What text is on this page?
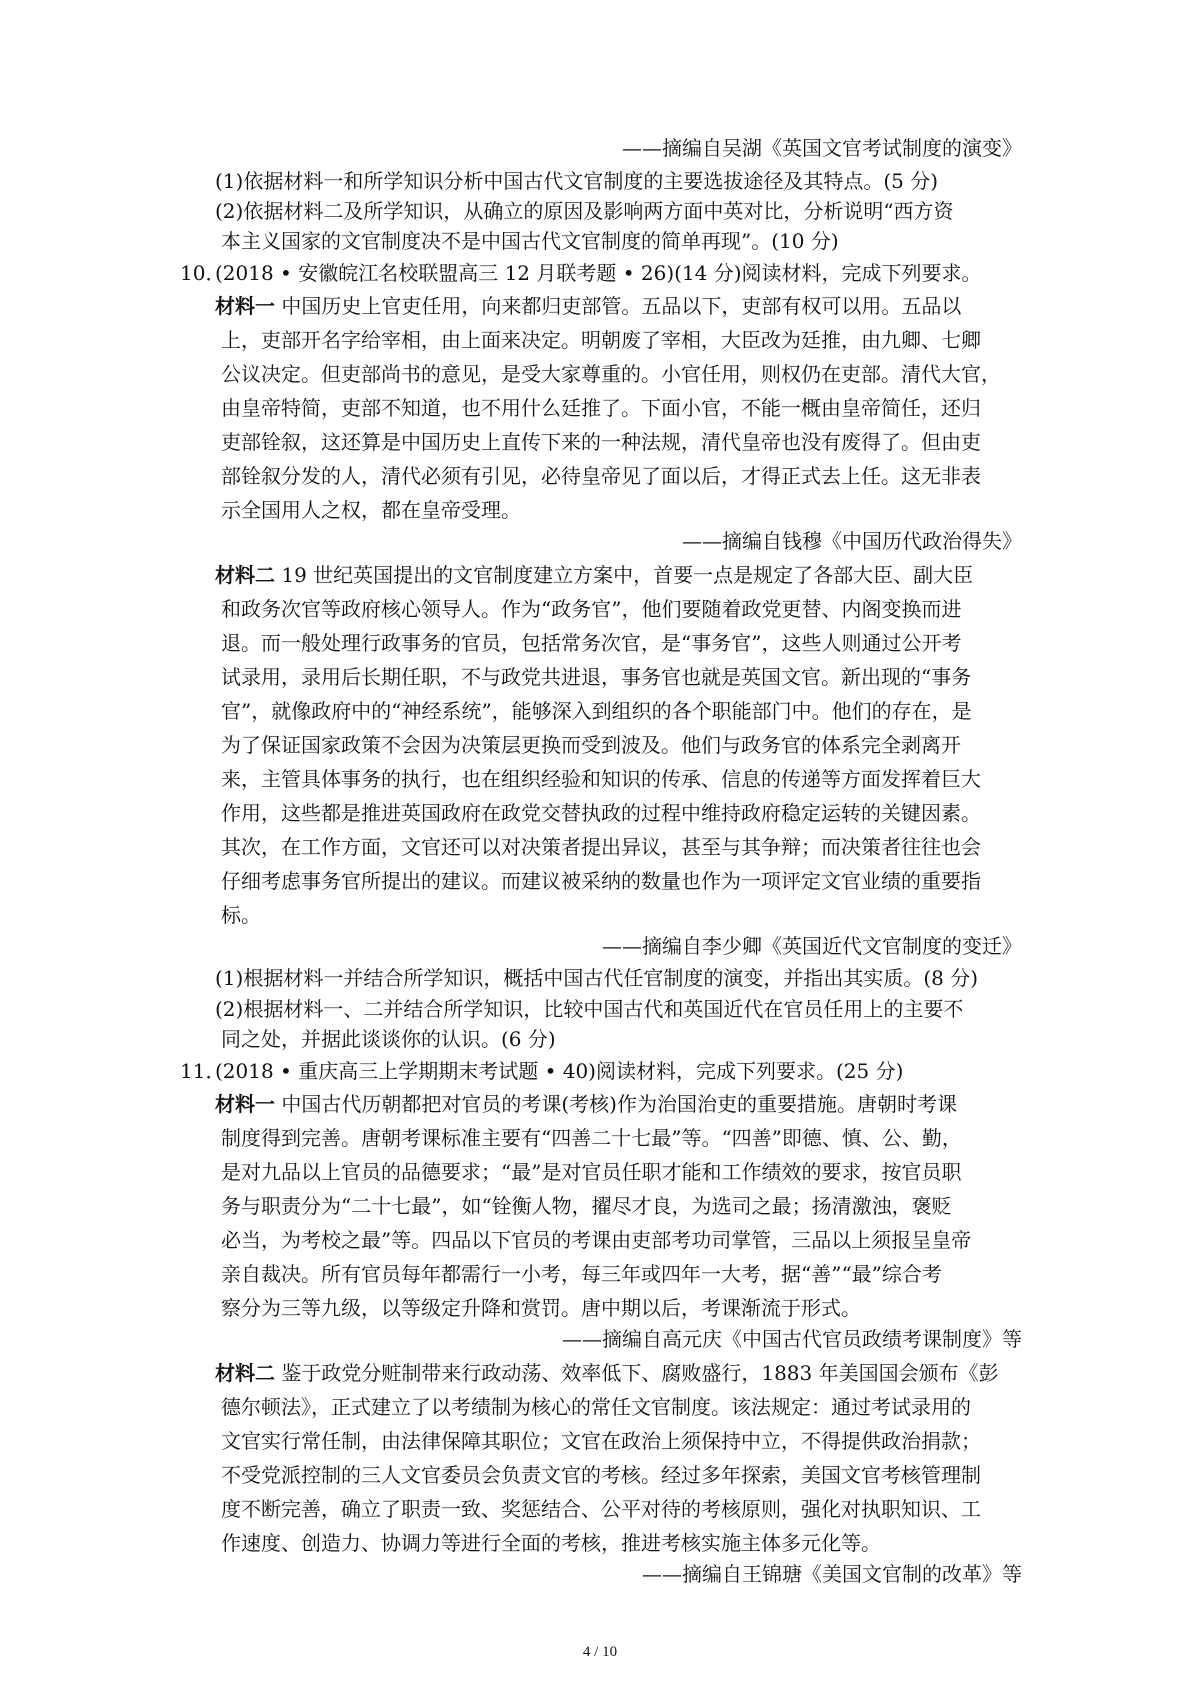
——摘编自吴湖《英国文官考试制度的演变》
(1)依据材料一和所学知识分析中国古代文官制度的主要选拔途径及其特点。(5 分)
(2)依据材料二及所学知识，从确立的原因及影响两方面中英对比，分析说明“西方资
本主义国家的文官制度决不是中国古代文官制度的简单再现”。(10 分)
10．
(2018 • 安徽皖江名校联盟高三 12 月联考题 • 26)(14 分)阅读材料，完成下列要求。
材料一 中国历史上官吏任用，向来都归吏部管。五品以下，吏部有权可以用。五品以
上，吏部开名字给宰相，由上面来决定。明朝废了宰相，大臣改为廷推，由九卿、七卿
公议决定。但吏部尚书的意见，是受大家尊重的。小官任用，则权仍在吏部。清代大官，
由皇帝特简，吏部不知道，也不用什么廷推了。下面小官，不能一概由皇帝简任，还归
吏部铨叙，这还算是中国历史上直传下来的一种法规，清代皇帝也没有废得了。但由吏
部铨叙分发的人，清代必须有引见，必待皇帝见了面以后，才得正式去上任。这无非表
示全国用人之权，都在皇帝受理。
——摘编自钱穆《中国历代政治得失》
材料二 19 世纪英国提出的文官制度建立方案中，首要一点是规定了各部大臣、副大臣
和政务次官等政府核心领导人。作为“政务官”，他们要随着政党更替、内阁变换而进
退。而一般处理行政事务的官员，包括常务次官，是“事务官”，这些人则通过公开考
试录用，录用后长期任职，不与政党共进退，事务官也就是英国文官。新出现的“事务
官”，就像政府中的“神经系统”，能够深入到组织的各个职能部门中。他们的存在，是
为了保证国家政策不会因为决策层更换而受到波及。他们与政务官的体系完全剥离开
来，主管具体事务的执行，也在组织经验和知识的传承、信息的传递等方面发挥着巨大
作用，这些都是推进英国政府在政党交替执政的过程中维持政府稳定运转的关键因素。
其次，在工作方面，文官还可以对决策者提出异议，甚至与其争辩；而决策者往往也会
仔细考虑事务官所提出的建议。而建议被采纳的数量也作为一项评定文官业绩的重要指
标。
——摘编自李少卿《英国近代文官制度的变迁》
(1)根据材料一并结合所学知识，概括中国古代任官制度的演变，并指出其实质。(8 分)
(2)根据材料一、二并结合所学知识，比较中国古代和英国近代在官员任用上的主要不
同之处，并据此谈谈你的认识。(6 分)
11．
(2018 • 重庆高三上学期期末考试题 • 40)阅读材料，完成下列要求。(25 分)
材料一 中国古代历朝都把对官员的考课(考核)作为治国治吏的重要措施。唐朝时考课
制度得到完善。唐朝考课标准主要有“四善二十七最”等。“四善”即德、慎、公、勤，
是对九品以上官员的品德要求；“最”是对官员任职才能和工作绩效的要求，按官员职
务与职责分为“二十七最”，如“铨衡人物，擢尽才良，为选司之最；扬清激浊，褒贬
必当，为考校之最”等。四品以下官员的考课由吏部考功司掌管，三品以上须报呈皇帝
亲自裁决。所有官员每年都需行一小考，每三年或四年一大考，据“善”“最”综合考
察分为三等九级，以等级定升降和赏罚。唐中期以后，考课渐流于形式。
——摘编自高元庆《中国古代官员政绩考课制度》等
材料二 鉴于政党分赃制带来行政动荡、效率低下、腐败盛行，1883 年美国国会颁布《彭
德尔顿法》，正式建立了以考绩制为核心的常任文官制度。该法规定：通过考试录用的
文官实行常任制，由法律保障其职位；文官在政治上须保持中立，不得提供政治捐款；
不受党派控制的三人文官委员会负责文官的考核。经过多年探索，美国文官考核管理制
度不断完善，确立了职责一致、奖惩结合、公平对待的考核原则，强化对执职知识、工
作速度、创造力、协调力等进行全面的考核，推进考核实施主体多元化等。
——摘编自王锦瑭《美国文官制的改革》等
4 / 10
